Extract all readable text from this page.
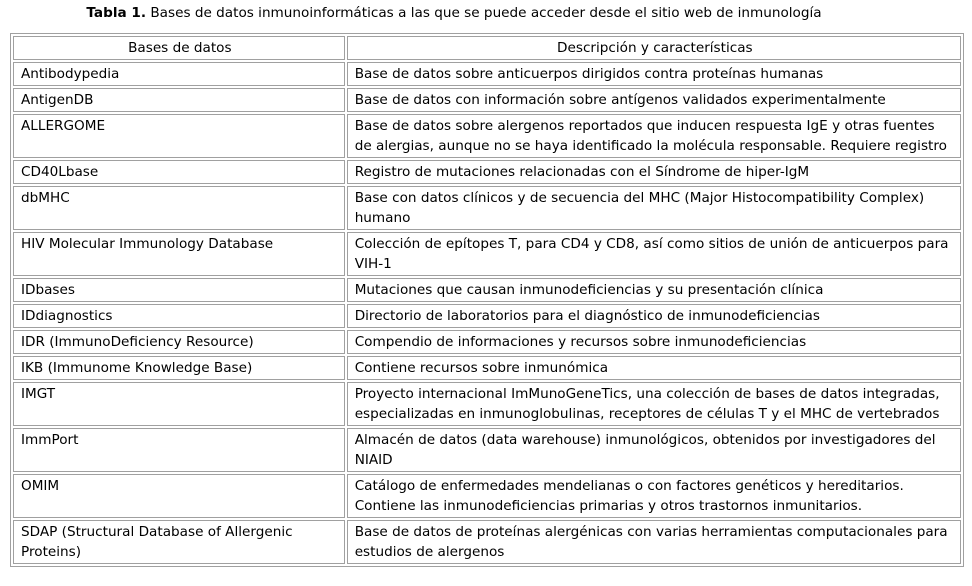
Tabla 1. Bases de datos inmunoinformáticas a las que se puede acceder desde el sitio web de inmunología
Bases de datos	Descripción y características
Antibodypedia	Base de datos sobre anticuerpos dirigidos contra proteínas humanas
AntigenDB	Base de datos con información sobre antígenos validados experimentalmente
ALLERGOME	Base de datos sobre alergenos reportados que inducen respuesta IgE y otras fuentes de alergias, aunque no se haya identificado la molécula responsable. Requiere registro
CD40Lbase	Registro de mutaciones relacionadas con el Síndrome de hiper-IgM
dbMHC	Base con datos clínicos y de secuencia del MHC (Major Histocompatibility Complex) humano
HIV Molecular Immunology Database	Colección de epítopes T, para CD4 y CD8, así como sitios de unión de anticuerpos para VIH-1
IDbases	Mutaciones que causan inmunodeficiencias y su presentación clínica
IDdiagnostics	Directorio de laboratorios para el diagnóstico de inmunodeficiencias
IDR (ImmunoDeficiency Resource)	Compendio de informaciones y recursos sobre inmunodeficiencias
IKB (Immunome Knowledge Base)	Contiene recursos sobre inmunómica
IMGT	Proyecto internacional ImMunoGeneTics, una colección de bases de datos integradas, especializadas en inmunoglobulinas, receptores de células T y el MHC de vertebrados
ImmPort	Almacén de datos (data warehouse) inmunológicos, obtenidos por investigadores del NIAID
OMIM	Catálogo de enfermedades mendelianas o con factores genéticos y hereditarios. Contiene las inmunodeficiencias primarias y otros trastornos inmunitarios.
SDAP (Structural Database of Allergenic Proteins)	Base de datos de proteínas alergénicas con varias herramientas computacionales para estudios de alergenos
